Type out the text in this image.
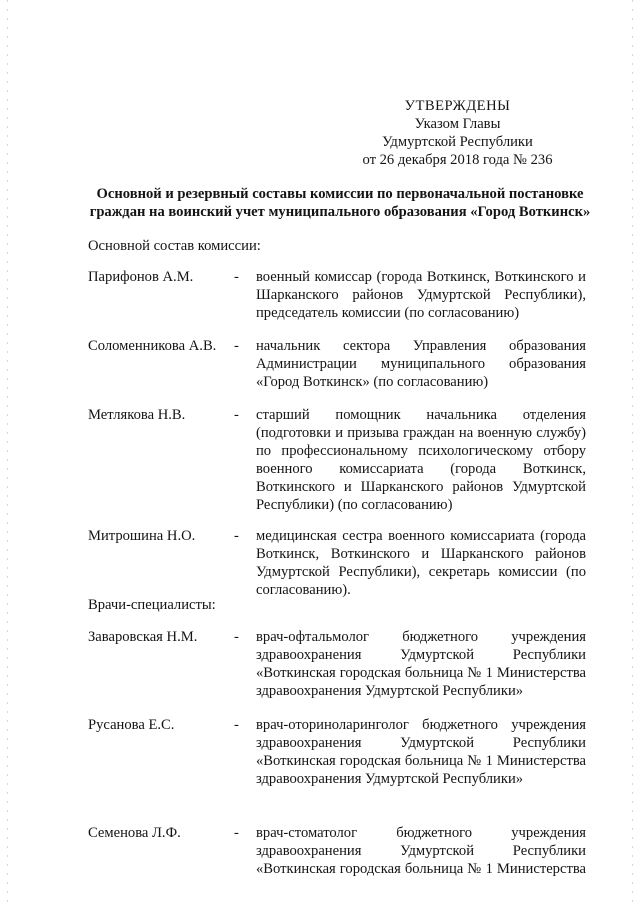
УТВЕРЖДЕНЫ
Указом Главы
Удмуртской Республики
от 26 декабря 2018 года № 236
Основной и резервный составы комиссии по первоначальной постановке
граждан на воинский учет муниципального образования «Город Воткинск»
Основной состав комиссии:
Парифонов А.М.	- военный комиссар (города Воткинск, Воткинского и
Шарканского районов Удмуртской Республики),
председатель комиссии (по согласованию)
Соломенникова А.В. - начальник сектора Управления образования
Администрации муниципального образования
«Город Воткинск» (по согласованию)
Метлякова Н.В.	- старший помощник начальника отделения
(подготовки и призыва граждан на военную службу)
по профессиональному психологическому отбору
военного комиссариата (города Воткинск,
Воткинского и Шарканского районов Удмуртской
Республики) (по согласованию)
Митрошина Н.О.	- медицинская сестра военного комиссариата (города
Воткинск, Воткинского и Шарканского районов
Удмуртской Республики), секретарь комиссии (по
согласованию).
Врачи-специалисты:
Заваровская Н.М.	- врач-офтальмолог бюджетного учреждения
здравоохранения Удмуртской Республики
«Воткинская городская больница № 1 Министерства
здравоохранения Удмуртской Республики»
Русанова Е.С.	- врач-оториноларинголог бюджетного учреждения
здравоохранения Удмуртской Республики
«Воткинская городская больница № 1 Министерства
здравоохранения Удмуртской Республики»
Семенова Л.Ф.	- врач-стоматолог бюджетного учреждения
здравоохранения Удмуртской Республики
«Воткинская городская больница № 1 Министерства
